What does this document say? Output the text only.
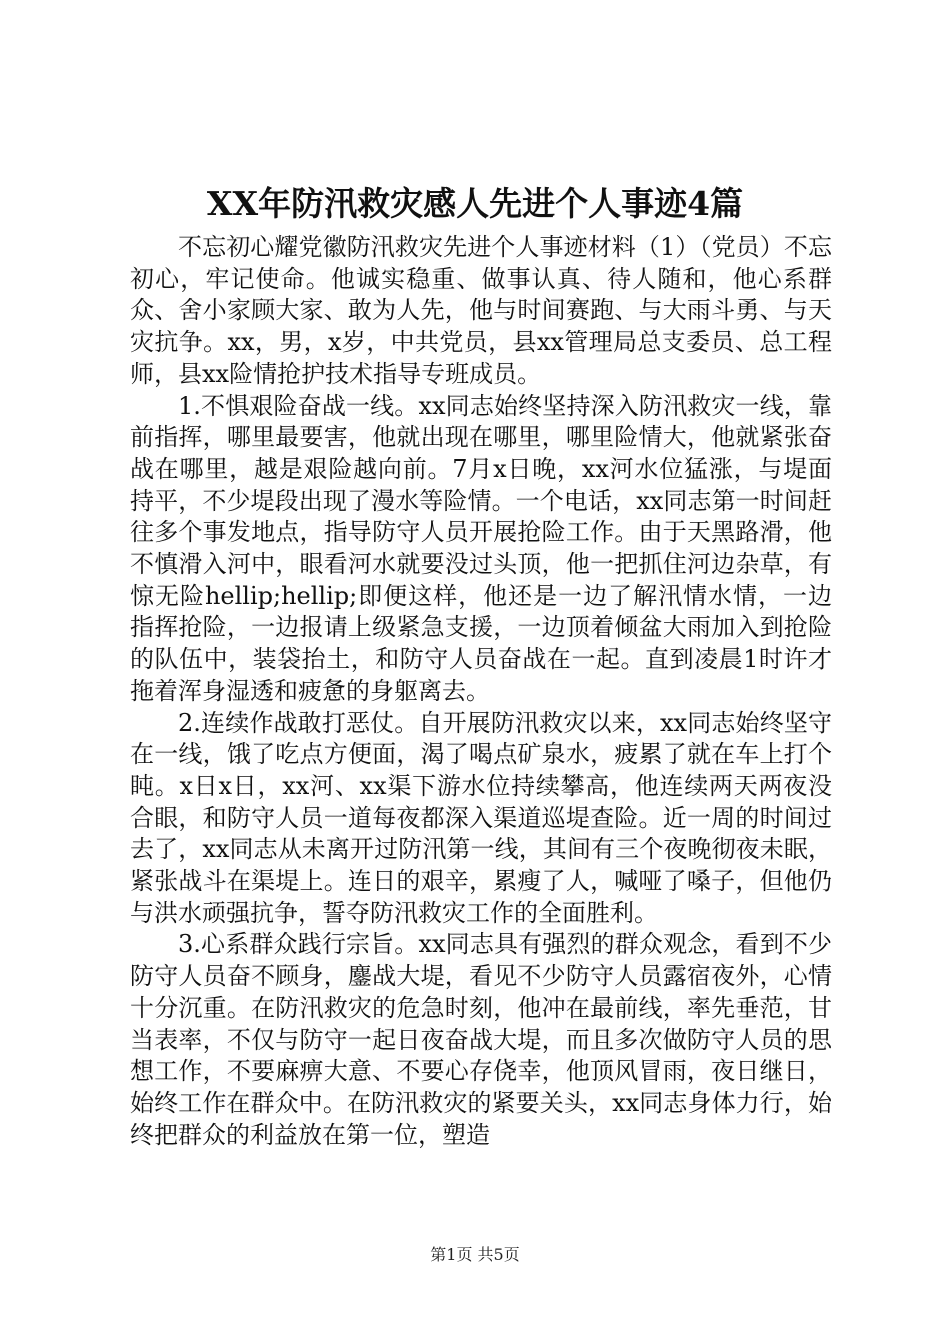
XX年防汛救灾感人先进个人事迹4篇

不忘初心耀党徽防汛救灾先进个人事迹材料（1）（党员）不忘初心，牢记使命。他诚实稳重、做事认真、待人随和，他心系群众、舍小家顾大家、敢为人先，他与时间赛跑、与大雨斗勇、与天灾抗争。xx，男，x岁，中共党员，县xx管理局总支委员、总工程师，县xx险情抢护技术指导专班成员。

1.不惧艰险奋战一线。xx同志始终坚持深入防汛救灾一线，靠前指挥，哪里最要害，他就出现在哪里，哪里险情大，他就紧张奋战在哪里，越是艰险越向前。7月x日晚，xx河水位猛涨，与堤面持平，不少堤段出现了漫水等险情。一个电话，xx同志第一时间赶往多个事发地点，指导防守人员开展抢险工作。由于天黑路滑，他不慎滑入河中，眼看河水就要没过头顶，他一把抓住河边杂草，有惊无险hellip;hellip;即便这样，他还是一边了解汛情水情，一边指挥抢险，一边报请上级紧急支援，一边顶着倾盆大雨加入到抢险的队伍中，装袋抬土，和防守人员奋战在一起。直到凌晨1时许才拖着浑身湿透和疲惫的身躯离去。

2.连续作战敢打恶仗。自开展防汛救灾以来，xx同志始终坚守在一线，饿了吃点方便面，渴了喝点矿泉水，疲累了就在车上打个盹。x日x日，xx河、xx渠下游水位持续攀高，他连续两天两夜没合眼，和防守人员一道每夜都深入渠道巡堤查险。近一周的时间过去了，xx同志从未离开过防汛第一线，其间有三个夜晚彻夜未眠，紧张战斗在渠堤上。连日的艰辛，累瘦了人，喊哑了嗓子，但他仍与洪水顽强抗争，誓夺防汛救灾工作的全面胜利。

3.心系群众践行宗旨。xx同志具有强烈的群众观念，看到不少防守人员奋不顾身，鏖战大堤，看见不少防守人员露宿夜外，心情十分沉重。在防汛救灾的危急时刻，他冲在最前线，率先垂范，甘当表率，不仅与防守一起日夜奋战大堤，而且多次做防守人员的思想工作，不要麻痹大意、不要心存侥幸，他顶风冒雨，夜日继日，始终工作在群众中。在防汛救灾的紧要关头，xx同志身体力行，始终把群众的利益放在第一位，塑造

第1页 共5页
